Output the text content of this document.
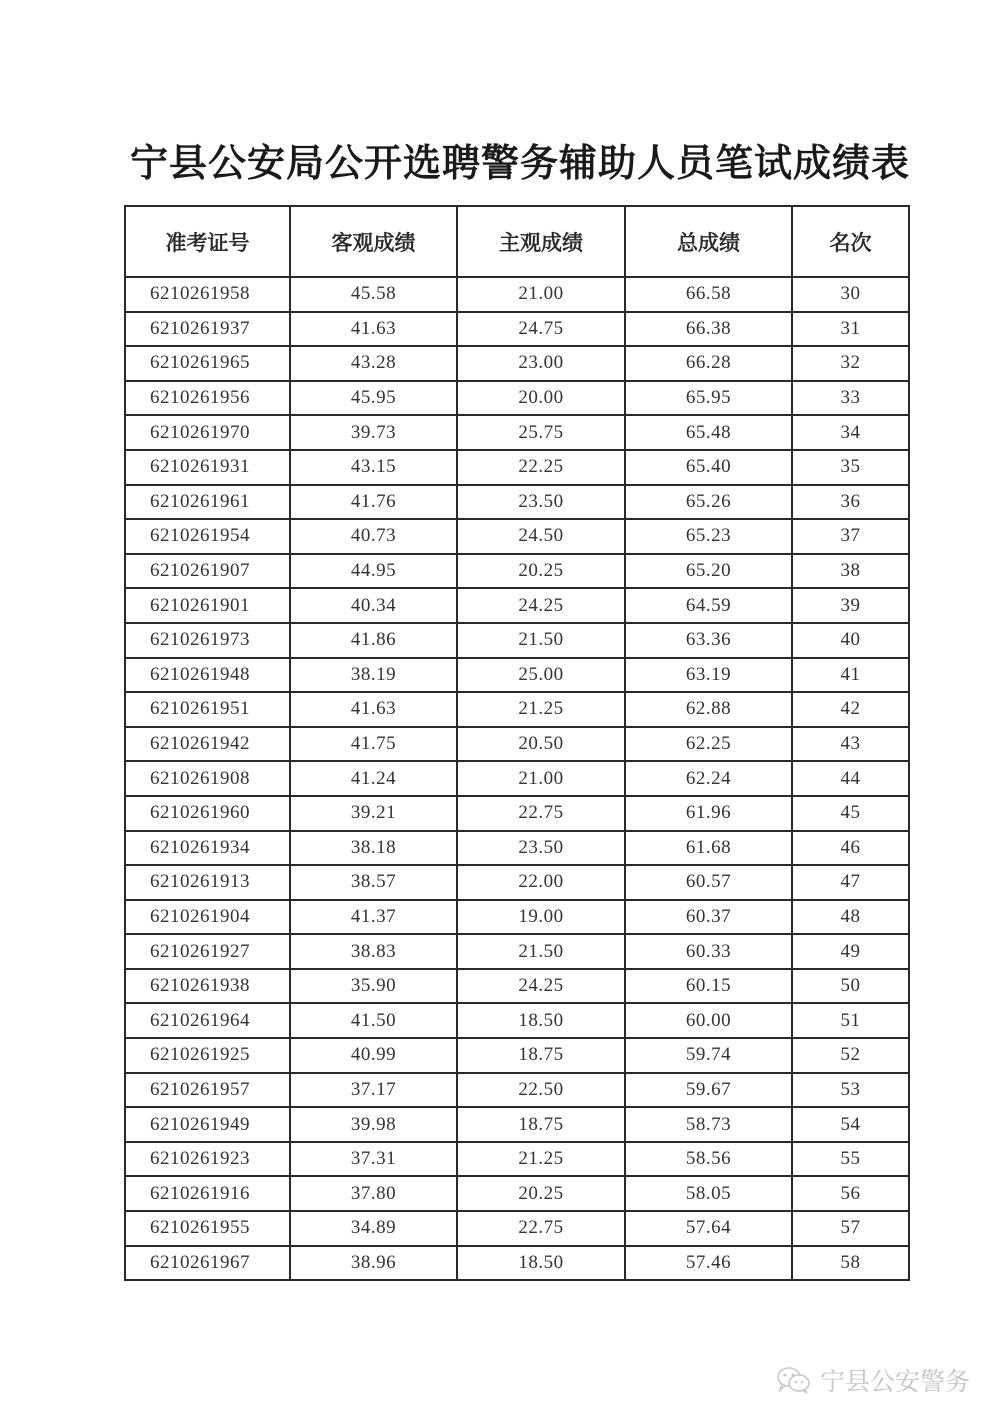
宁县公安局公开选聘警务辅助人员笔试成绩表
准考证号	客观成绩	主观成绩	总成绩	名次
6210261958	45.58	21.00	66.58	30
6210261937	41.63	24.75	66.38	31
6210261965	43.28	23.00	66.28	32
6210261956	45.95	20.00	65.95	33
6210261970	39.73	25.75	65.48	34
6210261931	43.15	22.25	65.40	35
6210261961	41.76	23.50	65.26	36
6210261954	40.73	24.50	65.23	37
6210261907	44.95	20.25	65.20	38
6210261901	40.34	24.25	64.59	39
6210261973	41.86	21.50	63.36	40
6210261948	38.19	25.00	63.19	41
6210261951	41.63	21.25	62.88	42
6210261942	41.75	20.50	62.25	43
6210261908	41.24	21.00	62.24	44
6210261960	39.21	22.75	61.96	45
6210261934	38.18	23.50	61.68	46
6210261913	38.57	22.00	60.57	47
6210261904	41.37	19.00	60.37	48
6210261927	38.83	21.50	60.33	49
6210261938	35.90	24.25	60.15	50
6210261964	41.50	18.50	60.00	51
6210261925	40.99	18.75	59.74	52
6210261957	37.17	22.50	59.67	53
6210261949	39.98	18.75	58.73	54
6210261923	37.31	21.25	58.56	55
6210261916	37.80	20.25	58.05	56
6210261955	34.89	22.75	57.64	57
6210261967	38.96	18.50	57.46	58
宁县公安警务
